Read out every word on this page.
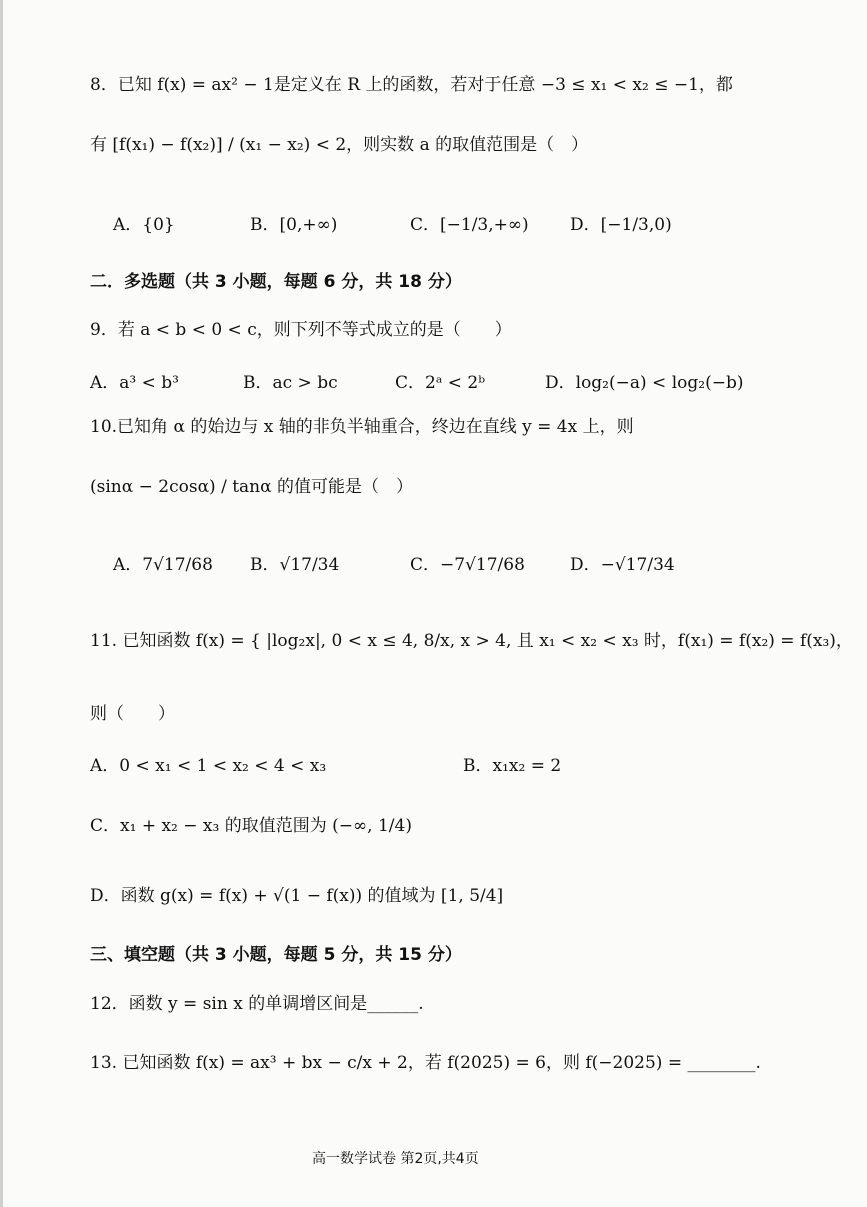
8．已知 f(x) = ax² − 1是定义在 R 上的函数，若对于任意 −3 ≤ x₁ < x₂ ≤ −1，都
有 [f(x₁) − f(x₂)] / (x₁ − x₂) < 2，则实数 a 的取值范围是（　）
A．{0}	B．[0,+∞)	C．[−1/3,+∞) D．[−1/3,0)
二．多选题（共 3 小题，每题 6 分，共 18 分）
9．若 a < b < 0 < c，则下列不等式成立的是（　　）
A．a³ < b³	B．ac > bc	C．2ᵃ < 2ᵇ	D．log₂(−a) < log₂(−b)
10.已知角 α 的始边与 x 轴的非负半轴重合，终边在直线 y = 4x 上，则
(sinα − 2cosα) / tanα 的值可能是（　）
A．7√17/68 B．√17/34	C．−7√17/68	D．−√17/34
11. 已知函数 f(x) = { |log₂x|, 0 < x ≤ 4, 8/x, x > 4, 且 x₁ < x₂ < x₃ 时，f(x₁) = f(x₂) = f(x₃)，
则（　　）
A．0 < x₁ < 1 < x₂ < 4 < x₃	B．x₁x₂ = 2
C．x₁ + x₂ − x₃ 的取值范围为 (−∞, 1/4)
D．函数 g(x) = f(x) + √(1 − f(x)) 的值域为 [1, 5/4]
三、填空题（共 3 小题，每题 5 分，共 15 分）
12．函数 y = sin x 的单调增区间是______.
13. 已知函数 f(x) = ax³ + bx − c/x + 2，若 f(2025) = 6，则 f(−2025) = ________.
高一数学试卷 第2页,共4页
